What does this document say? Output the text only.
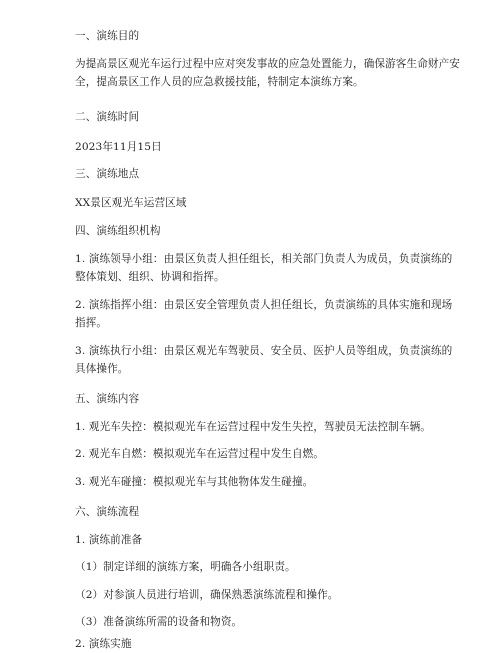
一、演练目的
为提高景区观光车运行过程中应对突发事故的应急处置能力，确保游客生命财产安
全，提高景区工作人员的应急救援技能，特制定本演练方案。
二、演练时间
2023年11月15日
三、演练地点
XX景区观光车运营区域
四、演练组织机构
1. 演练领导小组：由景区负责人担任组长，相关部门负责人为成员，负责演练的
整体策划、组织、协调和指挥。
2. 演练指挥小组：由景区安全管理负责人担任组长，负责演练的具体实施和现场
指挥。
3. 演练执行小组：由景区观光车驾驶员、安全员、医护人员等组成，负责演练的
具体操作。
五、演练内容
1. 观光车失控：模拟观光车在运营过程中发生失控，驾驶员无法控制车辆。
2. 观光车自燃：模拟观光车在运营过程中发生自燃。
3. 观光车碰撞：模拟观光车与其他物体发生碰撞。
六、演练流程
1. 演练前准备
（1）制定详细的演练方案，明确各小组职责。
（2）对参演人员进行培训，确保熟悉演练流程和操作。
（3）准备演练所需的设备和物资。
2. 演练实施
